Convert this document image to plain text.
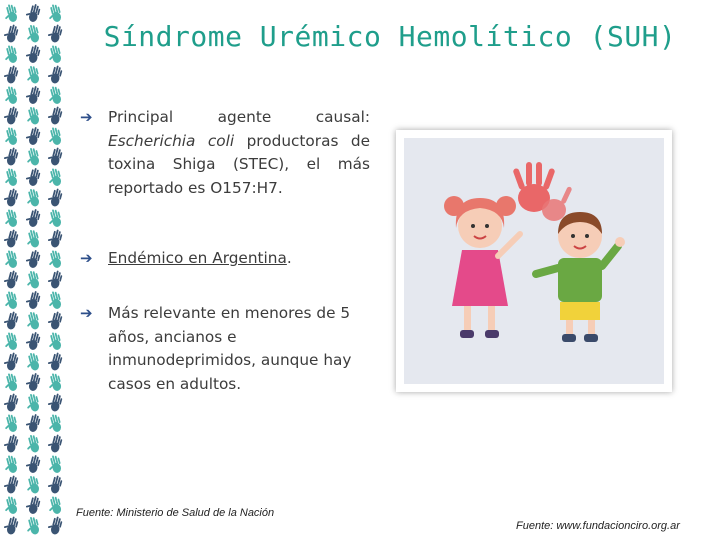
Síndrome Urémico Hemolítico (SUH)
➔ Principal agente causal: Escherichia coli productoras de toxina Shiga (STEC), el más reportado es O157:H7.
➔ Endémico en Argentina.
➔ Más relevante en menores de 5 años, ancianos e inmunodeprimidos, aunque hay casos en adultos.
Fuente: Ministerio de Salud de la Nación
Fuente: www.fundacionciro.org.ar
